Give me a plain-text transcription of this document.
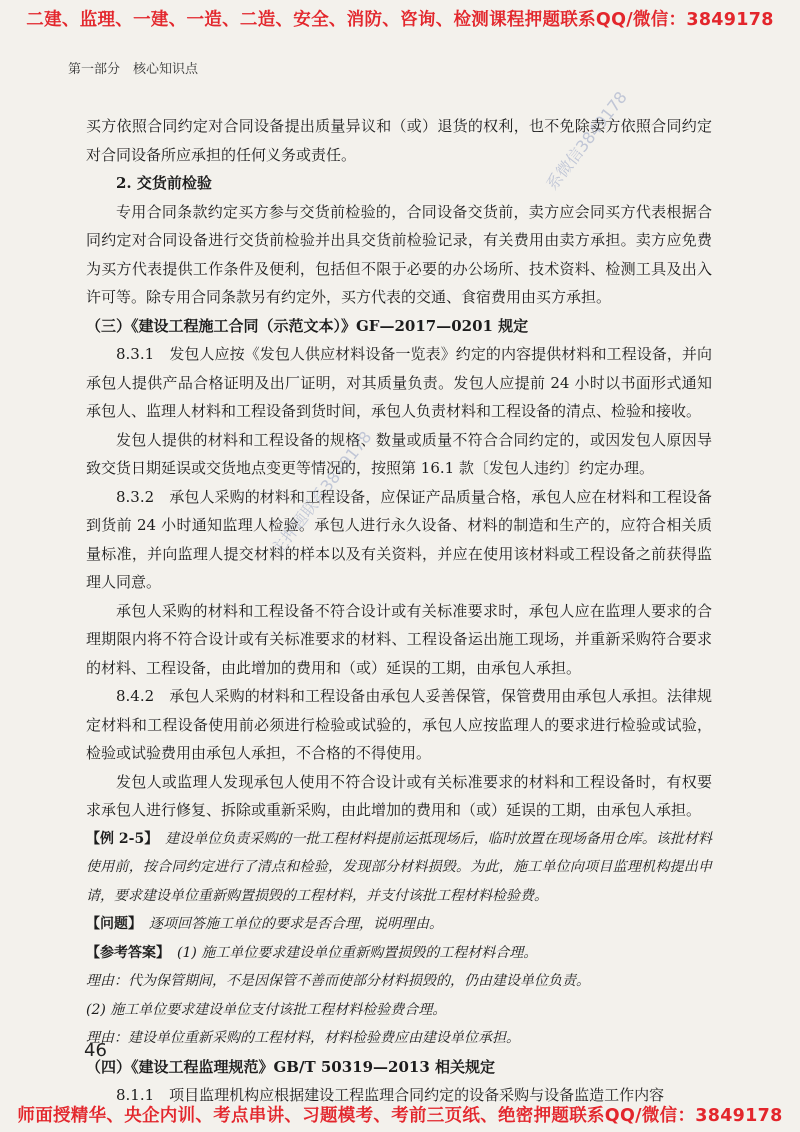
二建、监理、一建、一造、二造、安全、消防、咨询、检测课程押题联系QQ/微信：3849178
第一部分　核心知识点
系微信3849178
主押题联系3849178

买方依照合同约定对合同设备提出质量异议和（或）退货的权利，也不免除卖方依照合同约定对合同设备所应承担的任何义务或责任。

2. 交货前检验

专用合同条款约定买方参与交货前检验的，合同设备交货前，卖方应会同买方代表根据合同约定对合同设备进行交货前检验并出具交货前检验记录，有关费用由卖方承担。卖方应免费为买方代表提供工作条件及便利，包括但不限于必要的办公场所、技术资料、检测工具及出入许可等。除专用合同条款另有约定外，买方代表的交通、食宿费用由买方承担。

（三）《建设工程施工合同（示范文本）》GF—2017—0201 规定

8.3.1　发包人应按《发包人供应材料设备一览表》约定的内容提供材料和工程设备，并向承包人提供产品合格证明及出厂证明，对其质量负责。发包人应提前 24 小时以书面形式通知承包人、监理人材料和工程设备到货时间，承包人负责材料和工程设备的清点、检验和接收。

发包人提供的材料和工程设备的规格、数量或质量不符合合同约定的，或因发包人原因导致交货日期延误或交货地点变更等情况的，按照第 16.1 款〔发包人违约〕约定办理。

8.3.2　承包人采购的材料和工程设备，应保证产品质量合格，承包人应在材料和工程设备到货前 24 小时通知监理人检验。承包人进行永久设备、材料的制造和生产的，应符合相关质量标准，并向监理人提交材料的样本以及有关资料，并应在使用该材料或工程设备之前获得监理人同意。

承包人采购的材料和工程设备不符合设计或有关标准要求时，承包人应在监理人要求的合理期限内将不符合设计或有关标准要求的材料、工程设备运出施工现场，并重新采购符合要求的材料、工程设备，由此增加的费用和（或）延误的工期，由承包人承担。

8.4.2　承包人采购的材料和工程设备由承包人妥善保管，保管费用由承包人承担。法律规定材料和工程设备使用前必须进行检验或试验的，承包人应按监理人的要求进行检验或试验，检验或试验费用由承包人承担，不合格的不得使用。

发包人或监理人发现承包人使用不符合设计或有关标准要求的材料和工程设备时，有权要求承包人进行修复、拆除或重新采购，由此增加的费用和（或）延误的工期，由承包人承担。

【例 2-5】　建设单位负责采购的一批工程材料提前运抵现场后，临时放置在现场备用仓库。该批材料使用前，按合同约定进行了清点和检验，发现部分材料损毁。为此，施工单位向项目监理机构提出申请，要求建设单位重新购置损毁的工程材料，并支付该批工程材料检验费。

【问题】　逐项回答施工单位的要求是否合理，说明理由。

【参考答案】　(1) 施工单位要求建设单位重新购置损毁的工程材料合理。

理由：代为保管期间，不是因保管不善而使部分材料损毁的，仍由建设单位负责。

(2) 施工单位要求建设单位支付该批工程材料检验费合理。

理由：建设单位重新采购的工程材料，材料检验费应由建设单位承担。

（四）《建设工程监理规范》GB/T 50319—2013 相关规定

8.1.1　项目监理机构应根据建设工程监理合同约定的设备采购与设备监造工作内容

46
师面授精华、央企内训、考点串讲、习题模考、考前三页纸、绝密押题联系QQ/微信：3849178
